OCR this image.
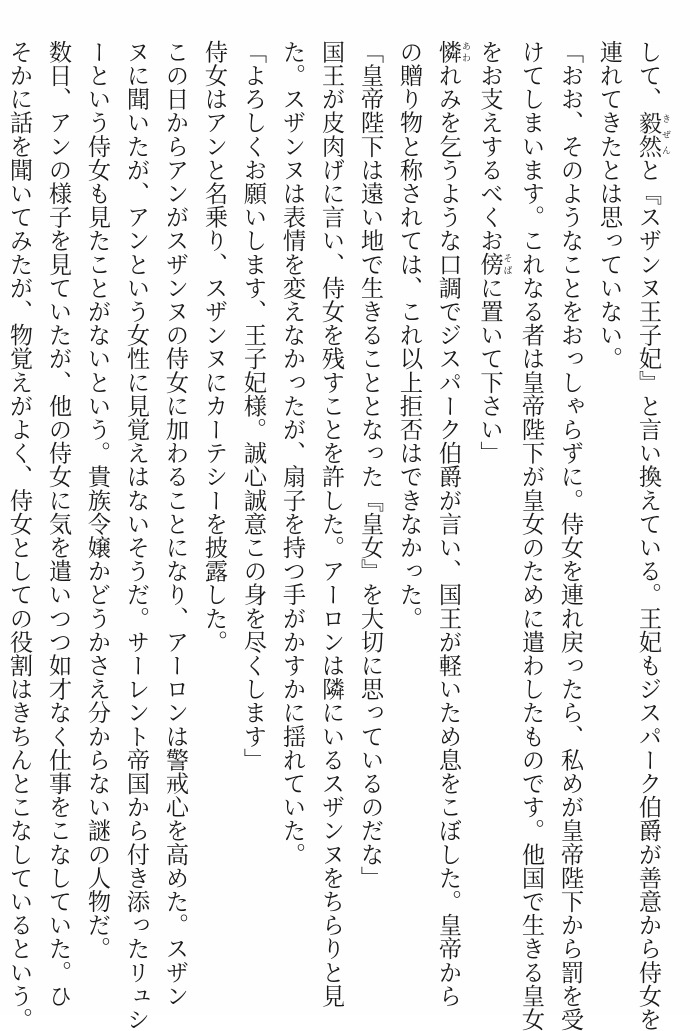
して、毅然きぜんと『スザンヌ王子妃』と言い換えている。王妃もジスパーク伯爵が善意から侍女を
連れてきたとは思っていない。
「おお、そのようなことをおっしゃらずに。侍女を連れ戻ったら、私めが皇帝陛下から罰を受
けてしまいます。これなる者は皇帝陛下が皇女のために遣わしたものです。他国で生きる皇女
をお支えするべくお傍そばに置いて下さい」
憐あわれみを乞うような口調でジスパーク伯爵が言い、国王が軽いため息をこぼした。皇帝から
の贈り物と称されては、これ以上拒否はできなかった。
「皇帝陛下は遠い地で生きることとなった『皇女』を大切に思っているのだな」
国王が皮肉げに言い、侍女を残すことを許した。アーロンは隣にいるスザンヌをちらりと見
た。スザンヌは表情を変えなかったが、扇子を持つ手がかすかに揺れていた。
「よろしくお願いします、王子妃様。誠心誠意この身を尽くします」
侍女はアンと名乗り、スザンヌにカーテシーを披露した。
この日からアンがスザンヌの侍女に加わることになり、アーロンは警戒心を高めた。スザン
ヌに聞いたが、アンという女性に見覚えはないそうだ。サーレント帝国から付き添ったリュシ
ーという侍女も見たことがないという。貴族令嬢かどうかさえ分からない謎の人物だ。
数日、アンの様子を見ていたが、他の侍女に気を遣いつつ如才なく仕事をこなしていた。ひ
そかに話を聞いてみたが、物覚えがよく、侍女としての役割はきちんとこなしているという。
